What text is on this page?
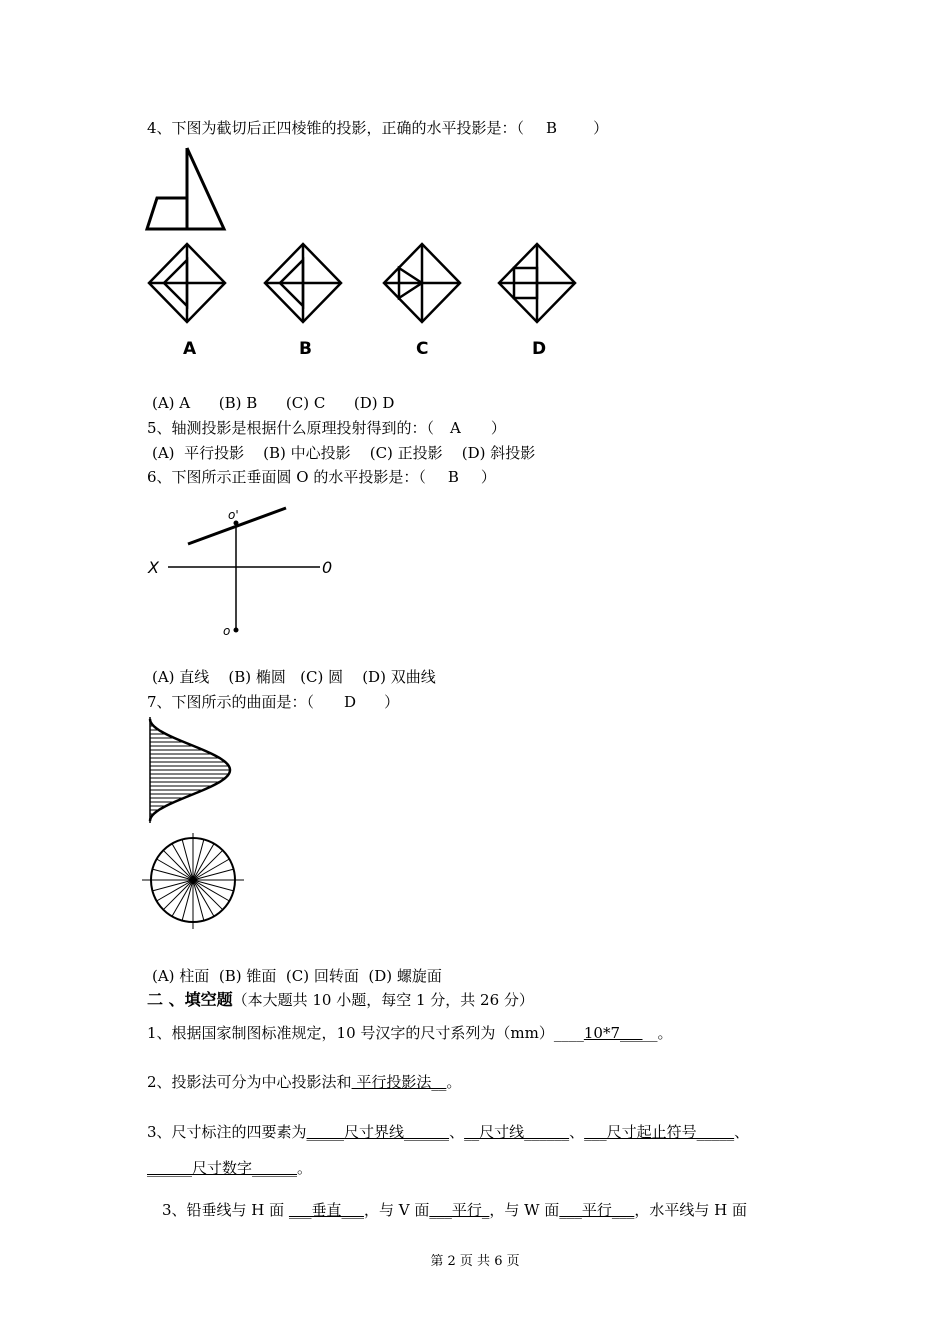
4、下图为截切后正四棱锥的投影，正确的水平投影是：（ B ）
A	B	C	D
(A) A      (B) B      (C) C      (D) D
5、轴测投影是根据什么原理投射得到的：（ A ）
(A)  平行投影    (B) 中心投影    (C) 正投影    (D) 斜投影
6、下图所示正垂面圆 O 的水平投影是：（ B ）
o'
X	0
o
(A) 直线    (B) 椭圆   (C) 圆    (D) 双曲线
7、下图所示的曲面是：（ D ）
(A) 柱面  (B) 锥面  (C) 回转面  (D) 螺旋面
二 、填空题（本大题共 10 小题，每空 1 分，共 26 分）
1、根据国家制图标准规定，10 号汉字的尺寸系列为（mm）____10*7_____。
2、投影法可分为中心投影法和 平行投影法__。
3、尺寸标注的四要素为_____尺寸界线______、__尺寸线______、___尺寸起止符号_____、
______尺寸数字______。
3、铅垂线与 H 面 ___垂直___，与 V 面___平行_，与 W 面___平行___，水平线与 H 面
第 2 页 共 6 页
